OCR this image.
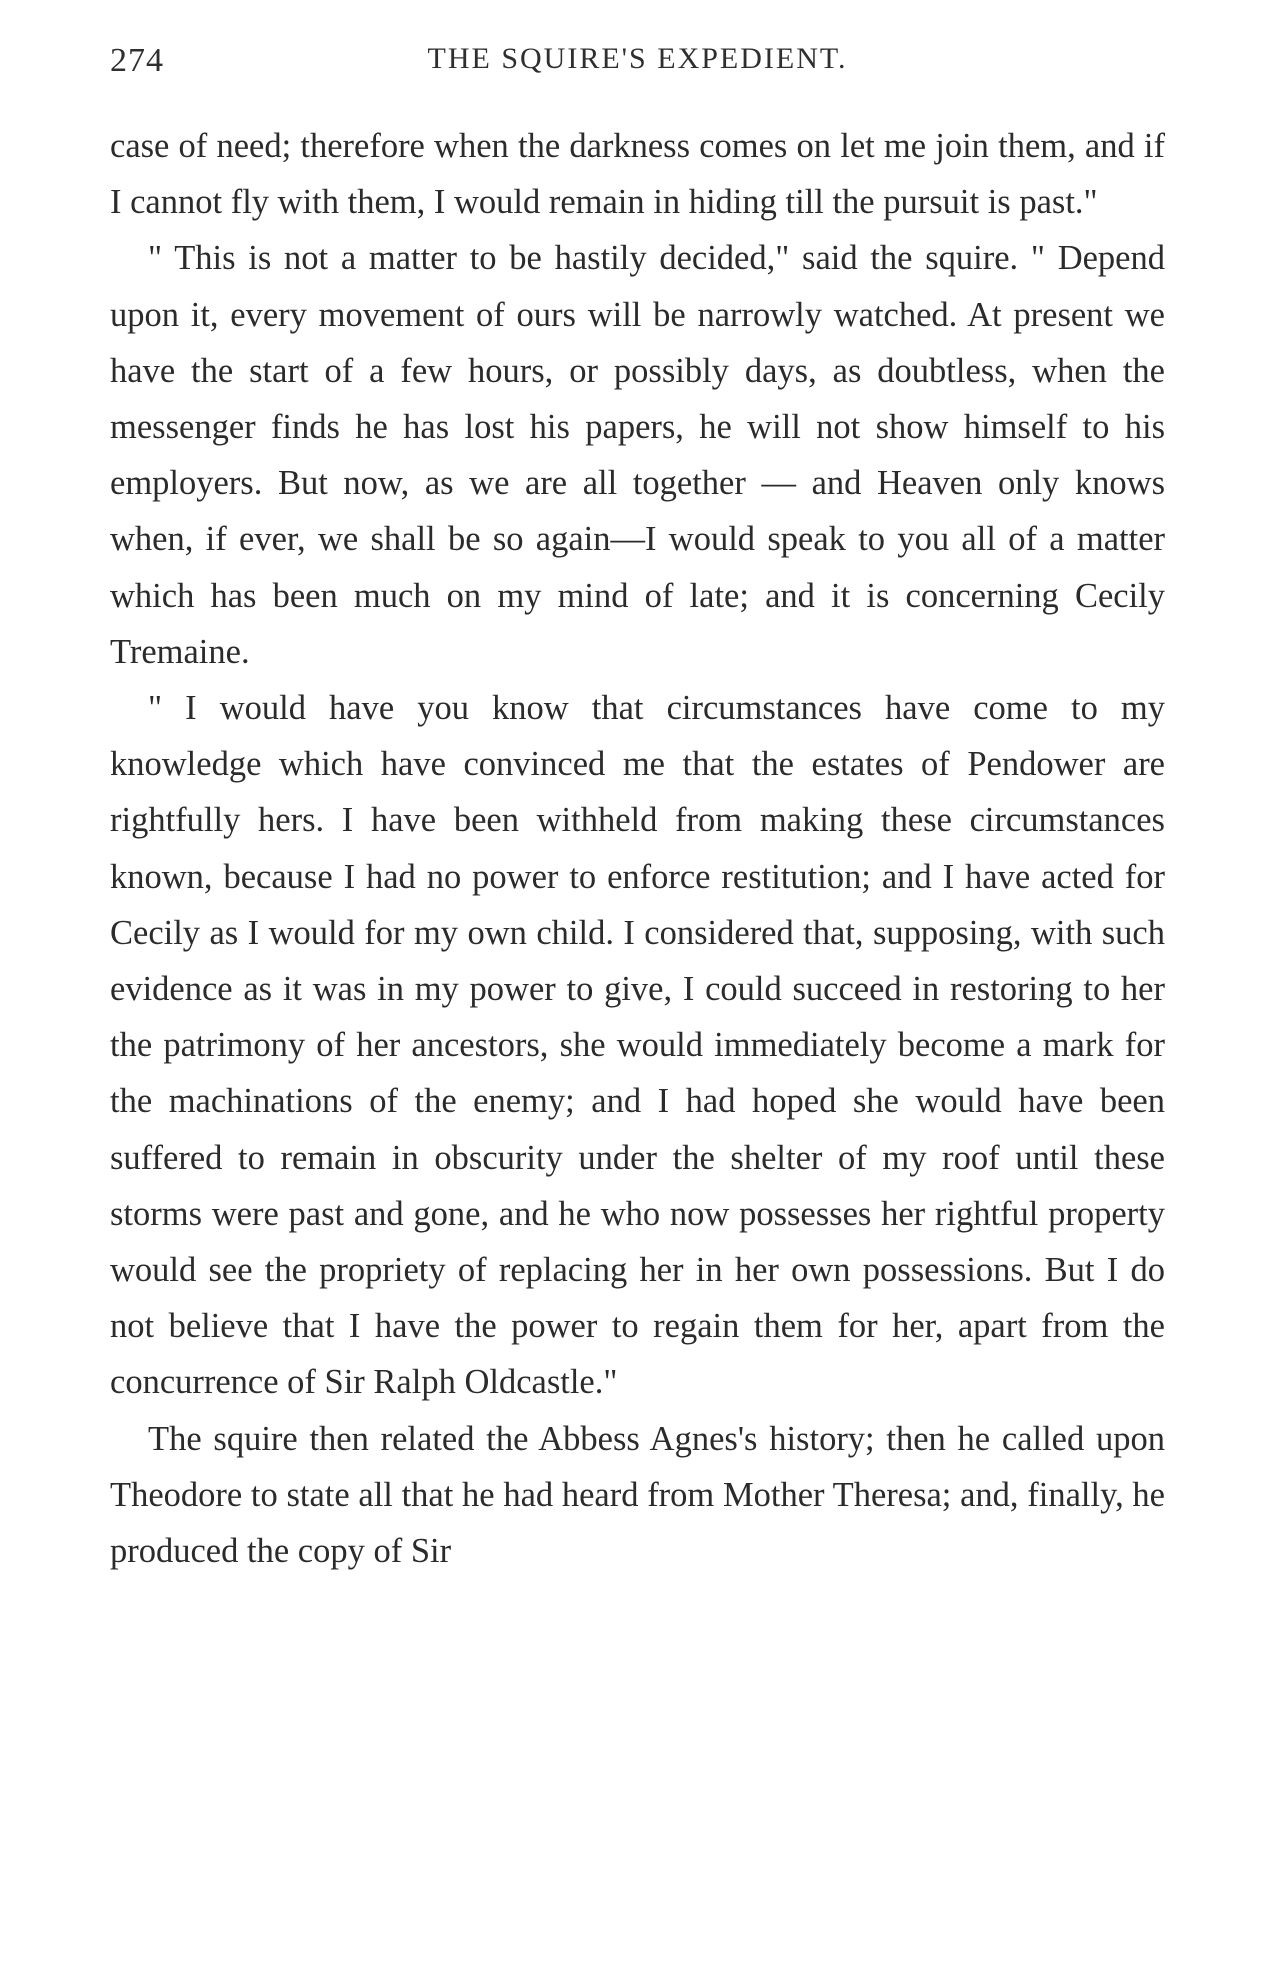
274	THE SQUIRE'S EXPEDIENT.

case of need; therefore when the darkness comes on let me join them, and if I cannot fly with them, I would remain in hiding till the pursuit is past."

" This is not a matter to be hastily decided," said the squire. " Depend upon it, every movement of ours will be narrowly watched. At present we have the start of a few hours, or possibly days, as doubtless, when the messenger finds he has lost his papers, he will not show himself to his employers. But now, as we are all together — and Heaven only knows when, if ever, we shall be so again—I would speak to you all of a matter which has been much on my mind of late; and it is concerning Cecily Tremaine.

" I would have you know that circumstances have come to my knowledge which have convinced me that the estates of Pendower are rightfully hers. I have been withheld from making these circumstances known, because I had no power to enforce restitution; and I have acted for Cecily as I would for my own child. I considered that, supposing, with such evidence as it was in my power to give, I could succeed in restoring to her the patrimony of her ancestors, she would immediately become a mark for the machinations of the enemy; and I had hoped she would have been suffered to remain in obscurity under the shelter of my roof until these storms were past and gone, and he who now possesses her rightful property would see the propriety of replacing her in her own possessions. But I do not believe that I have the power to regain them for her, apart from the concurrence of Sir Ralph Oldcastle."

The squire then related the Abbess Agnes's history; then he called upon Theodore to state all that he had heard from Mother Theresa; and, finally, he produced the copy of Sir
